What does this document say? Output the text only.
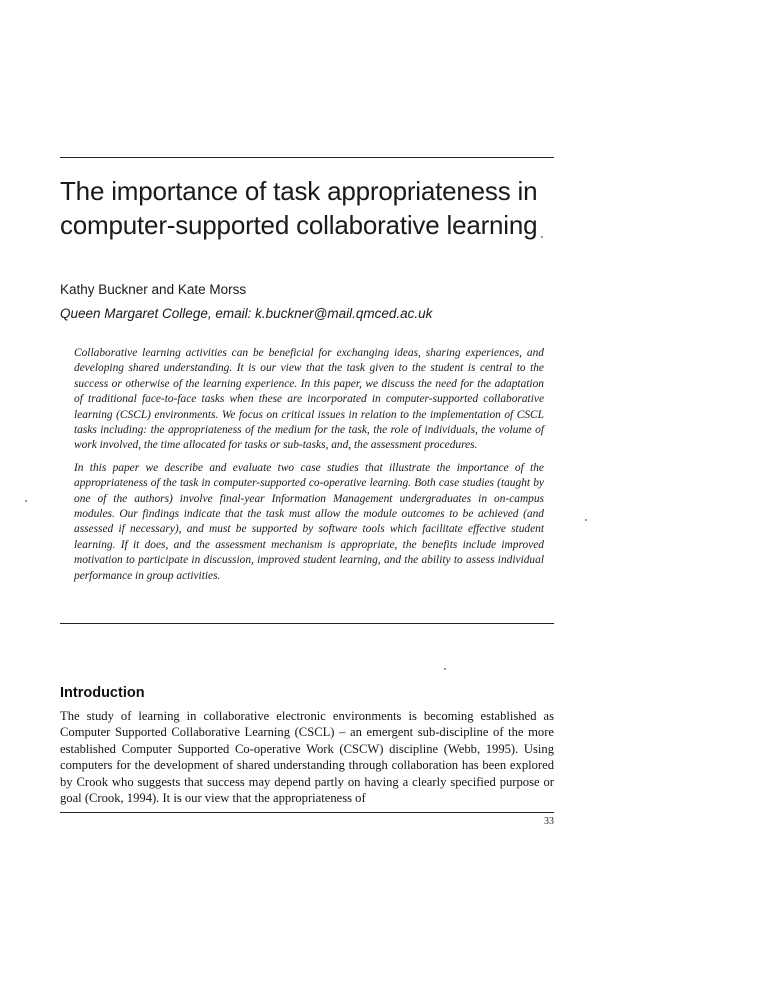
The importance of task appropriateness in computer-supported collaborative learning

Kathy Buckner and Kate Morss

Queen Margaret College, email: k.buckner@mail.qmced.ac.uk

Collaborative learning activities can be beneficial for exchanging ideas, sharing experiences, and developing shared understanding. It is our view that the task given to the student is central to the success or otherwise of the learning experience. In this paper, we discuss the need for the adaptation of traditional face-to-face tasks when these are incorporated in computer-supported collaborative learning (CSCL) environments. We focus on critical issues in relation to the implementation of CSCL tasks including: the appropriateness of the medium for the task, the role of individuals, the volume of work involved, the time allocated for tasks or sub-tasks, and, the assessment procedures.

In this paper we describe and evaluate two case studies that illustrate the importance of the appropriateness of the task in computer-supported co-operative learning. Both case studies (taught by one of the authors) involve final-year Information Management undergraduates in on-campus modules. Our findings indicate that the task must allow the module outcomes to be achieved (and assessed if necessary), and must be supported by software tools which facilitate effective student learning. If it does, and the assessment mechanism is appropriate, the benefits include improved motivation to participate in discussion, improved student learning, and the ability to assess individual performance in group activities.

Introduction

The study of learning in collaborative electronic environments is becoming established as Computer Supported Collaborative Learning (CSCL) – an emergent sub-discipline of the more established Computer Supported Co-operative Work (CSCW) discipline (Webb, 1995). Using computers for the development of shared understanding through collaboration has been explored by Crook who suggests that success may depend partly on having a clearly specified purpose or goal (Crook, 1994). It is our view that the appropriateness of

33
